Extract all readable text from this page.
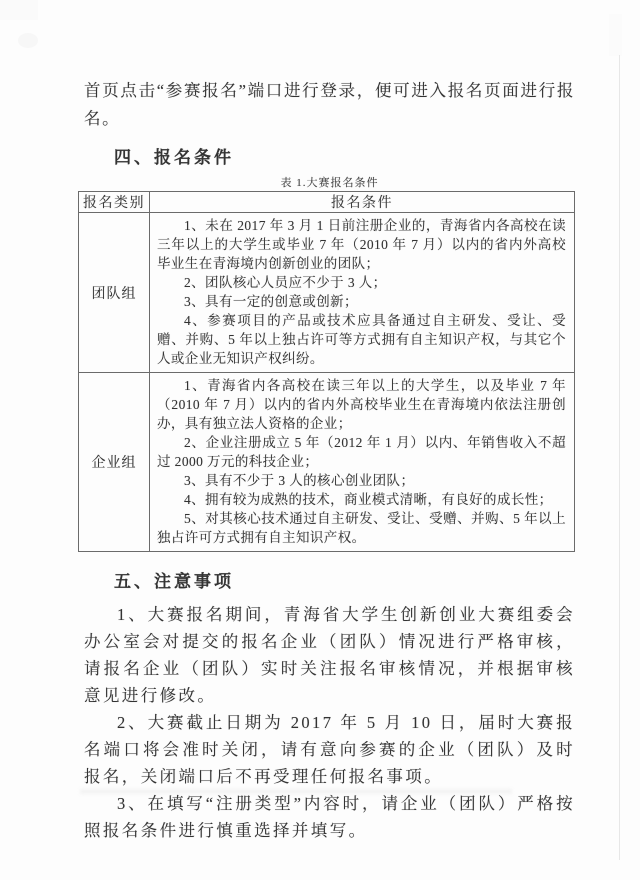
首页点击“参赛报名”端口进行登录，便可进入报名页面进行报名。

四、报名条件
表 1.大赛报名条件
报名类别	报名条件
团队组	1、未在 2017 年 3 月 1 日前注册企业的，青海省内各高校在读三年以上的大学生或毕业 7 年（2010 年 7 月）以内的省内外高校毕业生在青海境内创新创业的团队；

2、团队核心人员应不少于 3 人；

3、具有一定的创意或创新；

4、参赛项目的产品或技术应具备通过自主研发、受让、受赠、并购、5 年以上独占许可等方式拥有自主知识产权，与其它个人或企业无知识产权纠纷。

企业组	1、青海省内各高校在读三年以上的大学生，以及毕业 7 年（2010 年 7 月）以内的省内外高校毕业生在青海境内依法注册创办，具有独立法人资格的企业；

2、企业注册成立 5 年（2012 年 1 月）以内、年销售收入不超过 2000 万元的科技企业；

3、具有不少于 3 人的核心创业团队；

4、拥有较为成熟的技术，商业模式清晰，有良好的成长性；

5、对其核心技术通过自主研发、受让、受赠、并购、5 年以上独占许可方式拥有自主知识产权。

五、注意事项

1、大赛报名期间，青海省大学生创新创业大赛组委会办公室会对提交的报名企业（团队）情况进行严格审核，请报名企业（团队）实时关注报名审核情况，并根据审核意见进行修改。

2、大赛截止日期为 2017 年 5 月 10 日，届时大赛报名端口将会准时关闭，请有意向参赛的企业（团队）及时报名，关闭端口后不再受理任何报名事项。

3、在填写“注册类型”内容时，请企业（团队）严格按照报名条件进行慎重选择并填写。
